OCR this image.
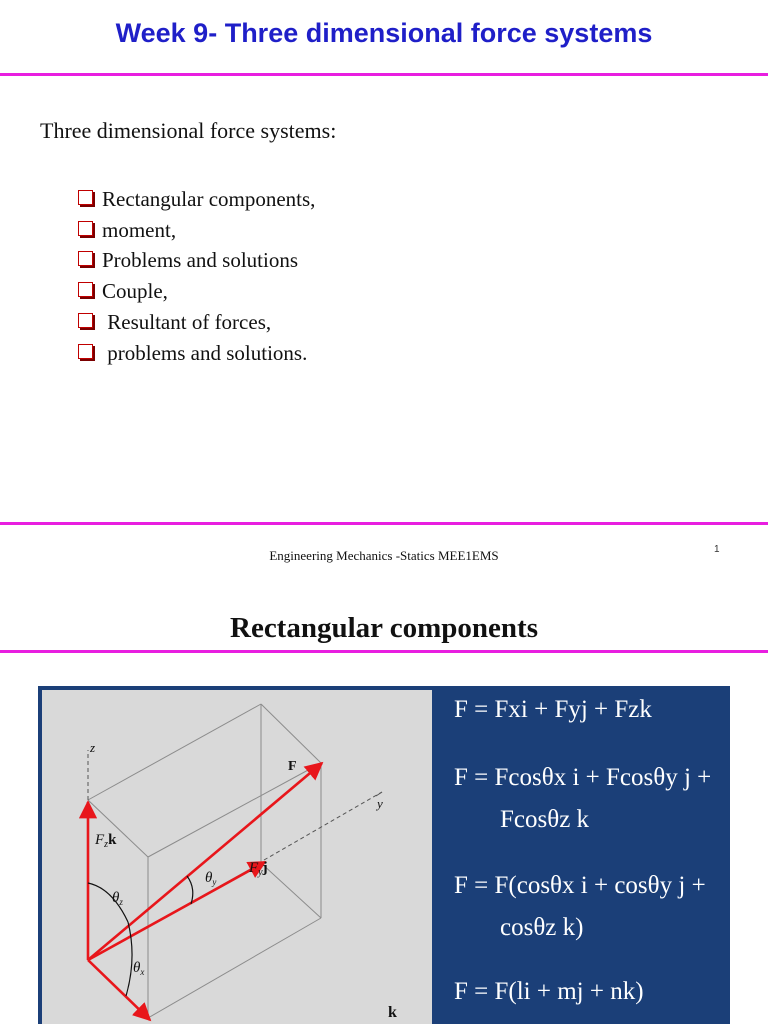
Week 9- Three dimensional force systems
Three dimensional force systems:
Rectangular components,
moment,
Problems and solutions
Couple,
Resultant of forces,
problems and solutions.
Engineering Mechanics -Statics MEE1EMS	1
Rectangular components
z
y
F
$F_zk$
$F_yj$
$\theta_z$
$\theta_y$
$\theta_x$
F = Fxi + Fyj + Fzk
F = Fcosθx i + Fcosθy j +
Fcosθz k
F = F(cosθx i + cosθy j +
cosθz k)
F = F(li + mj + nk)
k
